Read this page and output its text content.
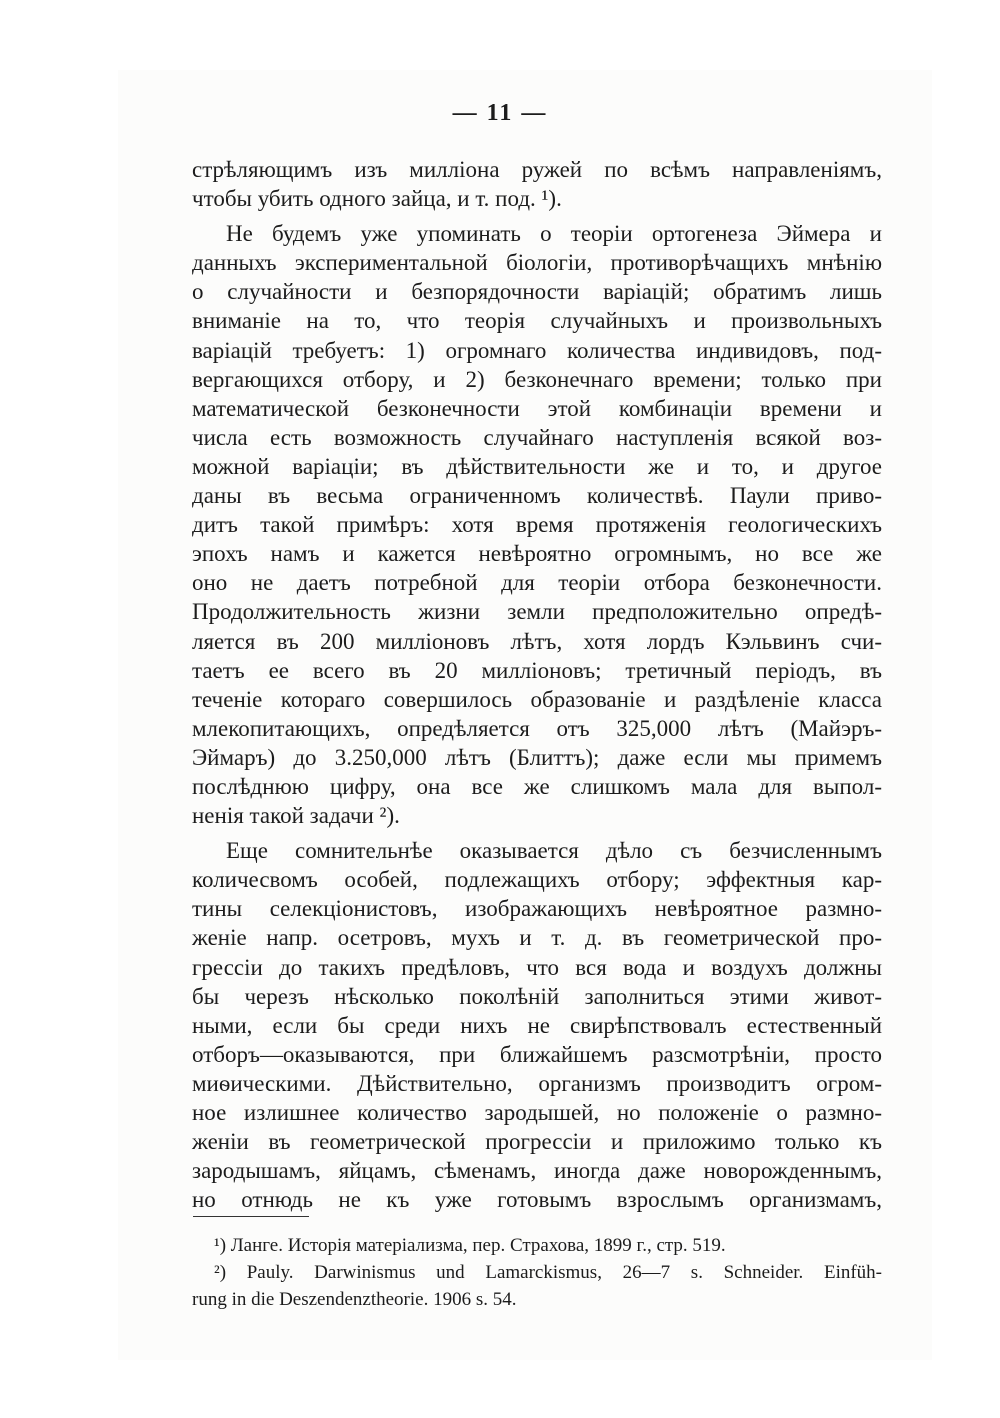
— 11 —
стрѣляющимъ изъ милліона ружей по всѣмъ направленіямъ,
чтобы убить одного зайца, и т. под. ¹).
Не будемъ уже упоминать о теоріи ортогенеза Эймера и
данныхъ экспериментальной біологіи, противорѣчащихъ мнѣнію
о случайности и безпорядочности варіацій; обратимъ лишь
вниманіе на то, что теорія случайныхъ и произвольныхъ
варіацій требуетъ: 1) огромнаго количества индивидовъ, под-
вергающихся отбору, и 2) безконечнаго времени; только при
математической безконечности этой комбинаціи времени и
числа есть возможность случайнаго наступленія всякой воз-
можной варіаціи; въ дѣйствительности же и то, и другое
даны въ весьма ограниченномъ количествѣ. Паули приво-
дитъ такой примѣръ: хотя время протяженія геологическихъ
эпохъ намъ и кажется невѣроятно огромнымъ, но все же
оно не даетъ потребной для теоріи отбора безконечности.
Продолжительность жизни земли предположительно опредѣ-
ляется въ 200 милліоновъ лѣтъ, хотя лордъ Кэльвинъ счи-
таетъ ее всего въ 20 милліоновъ; третичный періодъ, въ
теченіе котораго совершилось образованіе и раздѣленіе класса
млекопитающихъ, опредѣляется отъ 325,000 лѣтъ (Майэръ-
Эймаръ) до 3.250,000 лѣтъ (Блиттъ); даже если мы примемъ
послѣднюю цифру, она все же слишкомъ мала для выпол-
ненія такой задачи ²).
Еще сомнительнѣе оказывается дѣло съ безчисленнымъ
количесвомъ особей, подлежащихъ отбору; эффектныя кар-
тины селекціонистовъ, изображающихъ невѣроятное размно-
женіе напр. осетровъ, мухъ и т. д. въ геометрической про-
грессіи до такихъ предѣловъ, что вся вода и воздухъ должны
бы черезъ нѣсколько поколѣній заполниться этими живот-
ными, если бы среди нихъ не свирѣпствовалъ естественный
отборъ—оказываются, при ближайшемъ разсмотрѣніи, просто
миѳическими. Дѣйствительно, организмъ производитъ огром-
ное излишнее количество зародышей, но положеніе о размно-
женіи въ геометрической прогрессіи и приложимо только къ
зародышамъ, яйцамъ, сѣменамъ, иногда даже новорожденнымъ,
но отнюдь не къ уже готовымъ взрослымъ организмамъ,
¹) Ланге. Исторія матеріализма, пер. Страхова, 1899 г., стр. 519.
²) Pauly. Darwinismus und Lamarckismus, 26—7 s. Schneider. Einfüh-
rung in die Deszendenztheorie. 1906 s. 54.
